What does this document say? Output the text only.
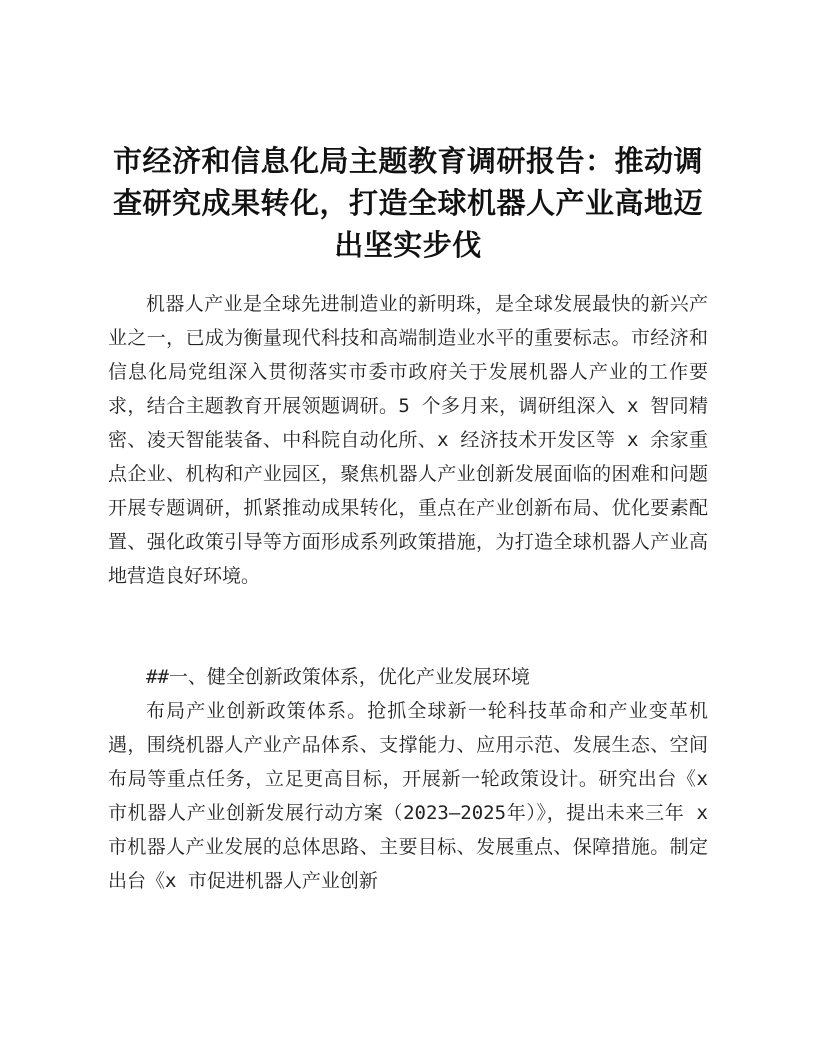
市经济和信息化局主题教育调研报告：推动调查研究成果转化，打造全球机器人产业高地迈出坚实步伐

机器人产业是全球先进制造业的新明珠，是全球发展最快的新兴产业之一，已成为衡量现代科技和高端制造业水平的重要标志。市经济和信息化局党组深入贯彻落实市委市政府关于发展机器人产业的工作要求，结合主题教育开展领题调研。5 个多月来，调研组深入 x 智同精密、凌天智能装备、中科院自动化所、x 经济技术开发区等 x 余家重点企业、机构和产业园区，聚焦机器人产业创新发展面临的困难和问题开展专题调研，抓紧推动成果转化，重点在产业创新布局、优化要素配置、强化政策引导等方面形成系列政策措施，为打造全球机器人产业高地营造良好环境。

##一、健全创新政策体系，优化产业发展环境

布局产业创新政策体系。抢抓全球新一轮科技革命和产业变革机遇，围绕机器人产业产品体系、支撑能力、应用示范、发展生态、空间布局等重点任务，立足更高目标，开展新一轮政策设计。研究出台《x 市机器人产业创新发展行动方案（2023—2025年）》，提出未来三年 x 市机器人产业发展的总体思路、主要目标、发展重点、保障措施。制定出台《x 市促进机器人产业创新
